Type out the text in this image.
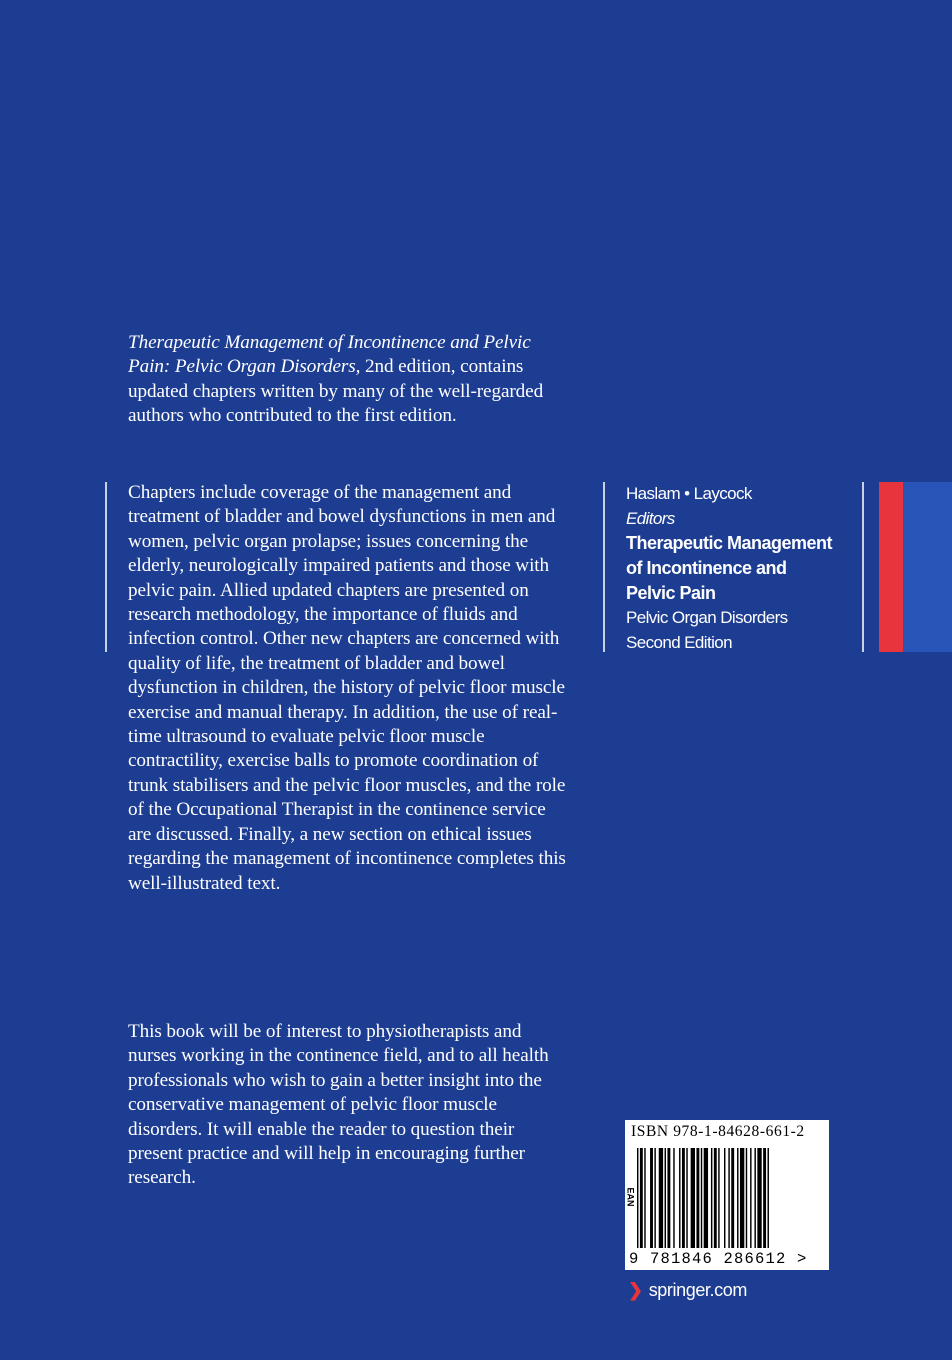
Therapeutic Management of Incontinence and Pelvic Pain: Pelvic Organ Disorders, 2nd edition, contains updated chapters written by many of the well-regarded authors who contributed to the first edition.

Chapters include coverage of the management and treatment of bladder and bowel dysfunctions in men and women, pelvic organ prolapse; issues concerning the elderly, neurologically impaired patients and those with pelvic pain. Allied updated chapters are presented on research methodology, the importance of fluids and infection control. Other new chapters are concerned with quality of life, the treatment of bladder and bowel dysfunction in children, the history of pelvic floor muscle exercise and manual therapy. In addition, the use of real-time ultrasound to evaluate pelvic floor muscle contractility, exercise balls to promote coordination of trunk stabilisers and the pelvic floor muscles, and the role of the Occupational Therapist in the continence service are discussed. Finally, a new section on ethical issues regarding the management of incontinence completes this well-illustrated text.

This book will be of interest to physiotherapists and nurses working in the continence field, and to all health professionals who wish to gain a better insight into the conservative management of pelvic floor muscle disorders. It will enable the reader to question their present practice and will help in encouraging further research.

Haslam • Laycock
Editors
Therapeutic Management
of Incontinence and
Pelvic Pain
Pelvic Organ Disorders
Second Edition
ISBN 978-1-84628-661-2
EAN
9 781846 286612 >
❯ springer.com
